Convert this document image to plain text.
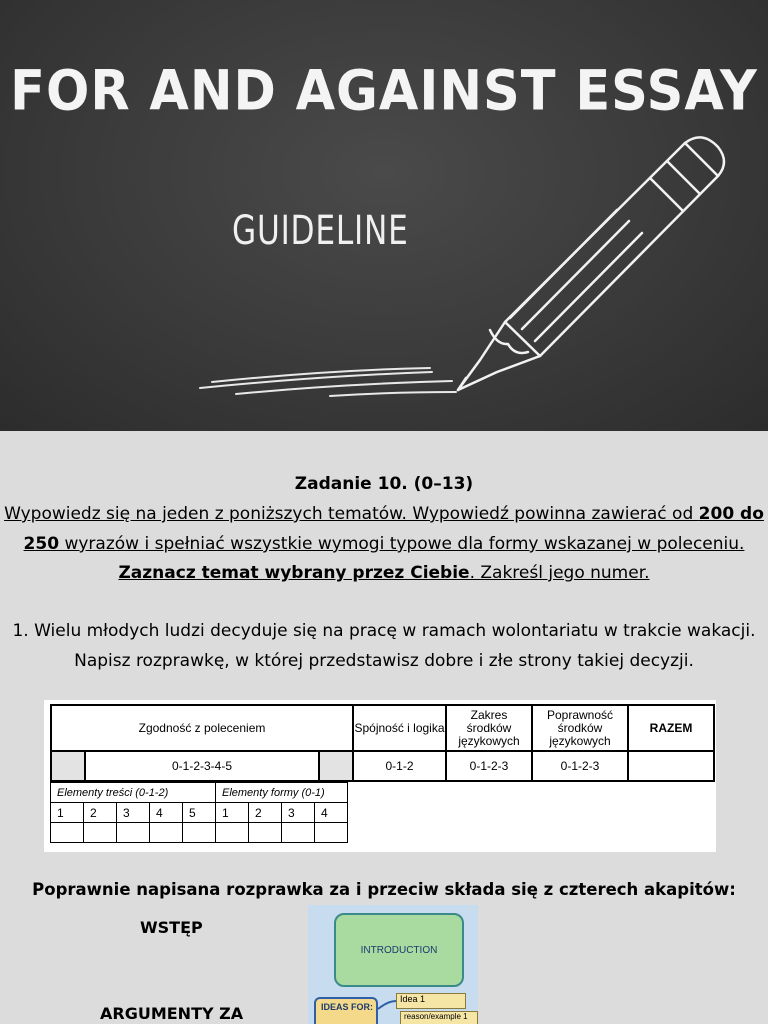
FOR AND AGAINST ESSAY
GUIDELINE
Zadanie 10. (0–13)
Wypowiedz się na jeden z poniższych tematów. Wypowiedź powinna zawierać od 200 do
250 wyrazów i spełniać wszystkie wymogi typowe dla formy wskazanej w poleceniu.
Zaznacz temat wybrany przez Ciebie. Zakreśl jego numer.
1. Wielu młodych ludzi decyduje się na pracę w ramach wolontariatu w trakcie wakacji.
Napisz rozprawkę, w której przedstawisz dobre i złe strony takiej decyzji.
Zgodność z poleceniem			Spójność i logika	Zakres środków językowych	Poprawność środków językowych	RAZEM
	0-1-2-3-4-5		0-1-2	0-1-2-3	0-1-2-3	
Elementy treści (0-1-2)					Elementy formy (0-1)			
1	2	3	4	5	1	2	3	4

Poprawnie napisana rozprawka za i przeciw składa się z czterech akapitów:
WSTĘP
ARGUMENTY ZA
INTRODUCTION
IDEAS FOR:
Idea 1
reason/example 1
